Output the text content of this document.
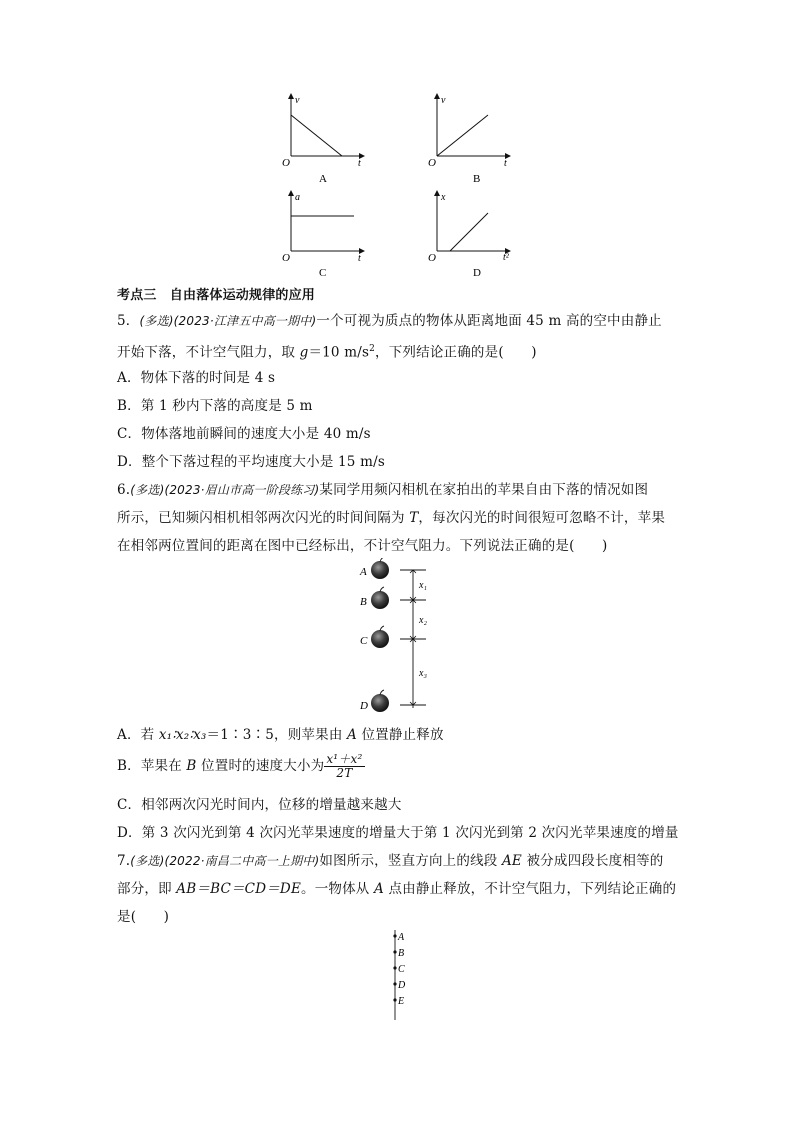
v
t
O
A
v
t
O
B
a
t
O
C
x
t²
O
D
考点三　自由落体运动规律的应用
5．(多选)(2023·江津五中高一期中)一个可视为质点的物体从距离地面 45 m 高的空中由静止
开始下落，不计空气阻力，取 g＝10 $m/s^2$，下列结论正确的是(　　)
A．物体下落的时间是 4 s
B．第 1 秒内下落的高度是 5 m
C．物体落地前瞬间的速度大小是 40 m/s
D．整个下落过程的平均速度大小是 15 m/s
6.(多选)(2023·眉山市高一阶段练习)某同学用频闪相机在家拍出的苹果自由下落的情况如图
所示，已知频闪相机相邻两次闪光的时间间隔为 T，每次闪光的时间很短可忽略不计，苹果
在相邻两位置间的距离在图中已经标出，不计空气阻力。下列说法正确的是(　　)
A
B
C
D
x₁
x₂
x₃
A．若 x₁∶x₂∶x₃＝1∶3∶5，则苹果由 A 位置静止释放
B．苹果在 B 位置时的速度大小为 $\frac{\text{x¹＋x²}}{2T}$
C．相邻两次闪光时间内，位移的增量越来越大
D．第 3 次闪光到第 4 次闪光苹果速度的增量大于第 1 次闪光到第 2 次闪光苹果速度的增量
7.(多选)(2022·南昌二中高一上期中)如图所示，竖直方向上的线段 AE 被分成四段长度相等的
部分，即 AB＝BC＝CD＝DE。一物体从 A 点由静止释放，不计空气阻力，下列结论正确的
是(　　)
A
B
C
D
E
